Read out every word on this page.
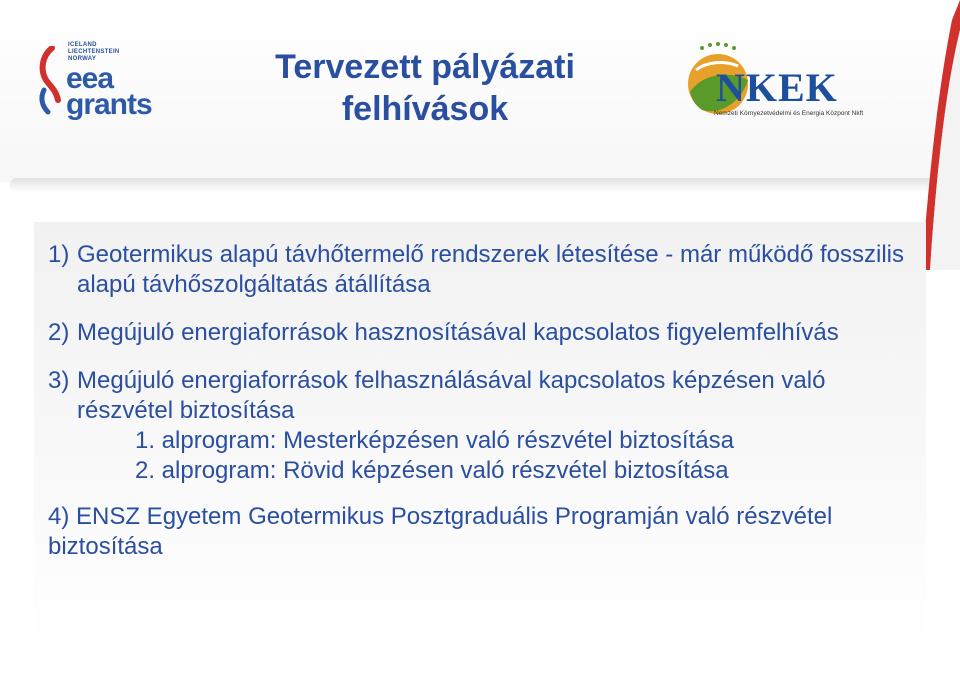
ICELAND
LIECHTENSTEIN
NORWAY
eea
grants
Tervezett pályázati
felhívások	NKEK
Nemzeti Környezetvédelmi és Energia Központ Nkft
1) Geotermikus alapú távhőtermelő rendszerek létesítése - már működő fosszilis alapú távhőszolgáltatás átállítása
2) Megújuló energiaforrások hasznosításával kapcsolatos figyelemfelhívás
3) Megújuló energiaforrások felhasználásával kapcsolatos képzésen való részvétel biztosítása
1. alprogram: Mesterképzésen való részvétel biztosítása
2. alprogram: Rövid képzésen való részvétel biztosítása
4) ENSZ Egyetem Geotermikus Posztgraduális Programján való részvétel biztosítása
